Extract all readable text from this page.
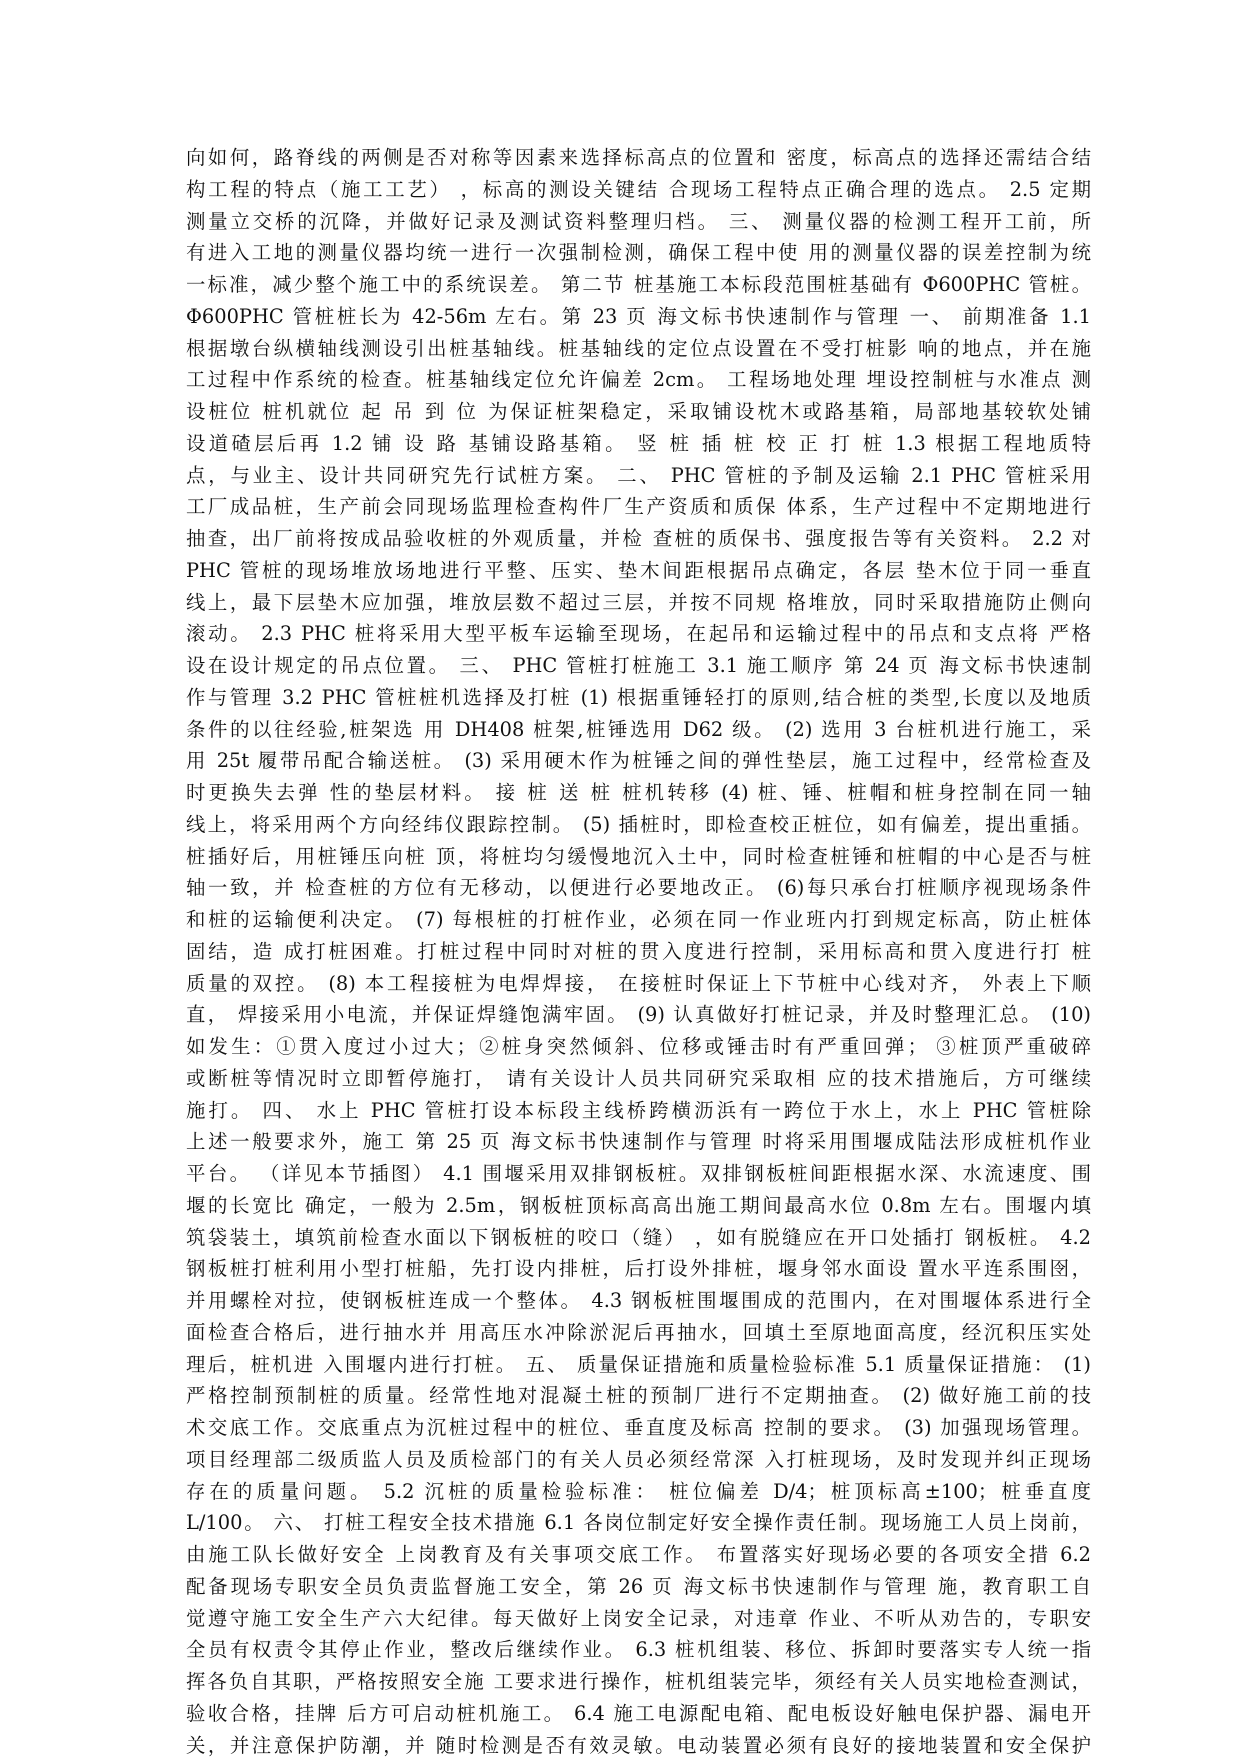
向如何，路脊线的两侧是否对称等因素来选择标高点的位置和 密度，标高点的选择还需结合结
构工程的特点（施工工艺） ，标高的测设关键结 合现场工程特点正确合理的选点。 2.5 定期
测量立交桥的沉降，并做好记录及测试资料整理归档。 三、 测量仪器的检测工程开工前，所
有进入工地的测量仪器均统一进行一次强制检测，确保工程中使 用的测量仪器的误差控制为统
一标准，减少整个施工中的系统误差。 第二节 桩基施工本标段范围桩基础有 Φ600PHC 管桩。
Φ600PHC 管桩桩长为 42-56m 左右。第 23 页 海文标书快速制作与管理 一、 前期准备 1.1
根据墩台纵横轴线测设引出桩基轴线。桩基轴线的定位点设置在不受打桩影 响的地点，并在施
工过程中作系统的检查。桩基轴线定位允许偏差 2cm。 工程场地处理 埋设控制桩与水准点 测
设桩位 桩机就位 起 吊 到 位 为保证桩架稳定，采取铺设枕木或路基箱，局部地基较软处铺
设道碴层后再 1.2 铺 设 路 基铺设路基箱。 竖 桩 插 桩 校 正 打 桩 1.3 根据工程地质特
点，与业主、设计共同研究先行试桩方案。 二、 PHC 管桩的予制及运输 2.1 PHC 管桩采用
工厂成品桩，生产前会同现场监理检查构件厂生产资质和质保 体系，生产过程中不定期地进行
抽查，出厂前将按成品验收桩的外观质量，并检 查桩的质保书、强度报告等有关资料。 2.2 对
PHC 管桩的现场堆放场地进行平整、压实、垫木间距根据吊点确定，各层 垫木位于同一垂直
线上，最下层垫木应加强，堆放层数不超过三层，并按不同规 格堆放，同时采取措施防止侧向
滚动。 2.3 PHC 桩将采用大型平板车运输至现场，在起吊和运输过程中的吊点和支点将 严格
设在设计规定的吊点位置。 三、 PHC 管桩打桩施工 3.1 施工顺序 第 24 页 海文标书快速制
作与管理 3.2 PHC 管桩桩机选择及打桩 (1) 根据重锤轻打的原则,结合桩的类型,长度以及地质
条件的以往经验,桩架选 用 DH408 桩架,桩锤选用 D62 级。 (2) 选用 3 台桩机进行施工，采
用 25t 履带吊配合输送桩。 (3) 采用硬木作为桩锤之间的弹性垫层，施工过程中，经常检查及
时更换失去弹 性的垫层材料。 接 桩 送 桩 桩机转移 (4) 桩、锤、桩帽和桩身控制在同一轴
线上，将采用两个方向经纬仪跟踪控制。 (5) 插桩时，即检查校正桩位，如有偏差，提出重插。
桩插好后，用桩锤压向桩 顶，将桩均匀缓慢地沉入土中，同时检查桩锤和桩帽的中心是否与桩
轴一致，并 检查桩的方位有无移动，以便进行必要地改正。 (6)每只承台打桩顺序视现场条件
和桩的运输便利决定。 (7) 每根桩的打桩作业，必须在同一作业班内打到规定标高，防止桩体
固结，造 成打桩困难。打桩过程中同时对桩的贯入度进行控制，采用标高和贯入度进行打 桩
质量的双控。 (8) 本工程接桩为电焊焊接， 在接桩时保证上下节桩中心线对齐， 外表上下顺
直， 焊接采用小电流，并保证焊缝饱满牢固。 (9) 认真做好打桩记录，并及时整理汇总。 (10)
如发生：①贯入度过小过大；②桩身突然倾斜、位移或锤击时有严重回弹； ③桩顶严重破碎
或断桩等情况时立即暂停施打， 请有关设计人员共同研究采取相 应的技术措施后，方可继续
施打。 四、 水上 PHC 管桩打设本标段主线桥跨横沥浜有一跨位于水上，水上 PHC 管桩除
上述一般要求外，施工 第 25 页 海文标书快速制作与管理 时将采用围堰成陆法形成桩机作业
平台。 （详见本节插图） 4.1 围堰采用双排钢板桩。双排钢板桩间距根据水深、水流速度、围
堰的长宽比 确定，一般为 2.5m，钢板桩顶标高高出施工期间最高水位 0.8m 左右。围堰内填
筑袋装土，填筑前检查水面以下钢板桩的咬口（缝） ，如有脱缝应在开口处插打 钢板桩。 4.2
钢板桩打桩利用小型打桩船，先打设内排桩，后打设外排桩，堰身邻水面设 置水平连系围囹，
并用螺栓对拉，使钢板桩连成一个整体。 4.3 钢板桩围堰围成的范围内，在对围堰体系进行全
面检查合格后，进行抽水并 用高压水冲除淤泥后再抽水，回填土至原地面高度，经沉积压实处
理后，桩机进 入围堰内进行打桩。 五、 质量保证措施和质量检验标准 5.1 质量保证措施： (1)
严格控制预制桩的质量。经常性地对混凝土桩的预制厂进行不定期抽查。 (2) 做好施工前的技
术交底工作。交底重点为沉桩过程中的桩位、垂直度及标高 控制的要求。 (3) 加强现场管理。
项目经理部二级质监人员及质检部门的有关人员必须经常深 入打桩现场，及时发现并纠正现场
存在的质量问题。 5.2 沉桩的质量检验标准： 桩位偏差 D/4；桩顶标高±100；桩垂直度
L/100。 六、 打桩工程安全技术措施 6.1 各岗位制定好安全操作责任制。现场施工人员上岗前，
由施工队长做好安全 上岗教育及有关事项交底工作。 布置落实好现场必要的各项安全措 6.2
配备现场专职安全员负责监督施工安全，第 26 页 海文标书快速制作与管理 施，教育职工自
觉遵守施工安全生产六大纪律。每天做好上岗安全记录，对违章 作业、不听从劝告的，专职安
全员有权责令其停止作业，整改后继续作业。 6.3 桩机组装、移位、拆卸时要落实专人统一指
挥各负自其职，严格按照安全施 工要求进行操作，桩机组装完毕，须经有关人员实地检查测试，
验收合格，挂牌 后方可启动桩机施工。 6.4 施工电源配电箱、配电板设好触电保护器、漏电开
关，并注意保护防潮，并 随时检测是否有效灵敏。电动装置必须有良好的接地装置和安全保护
